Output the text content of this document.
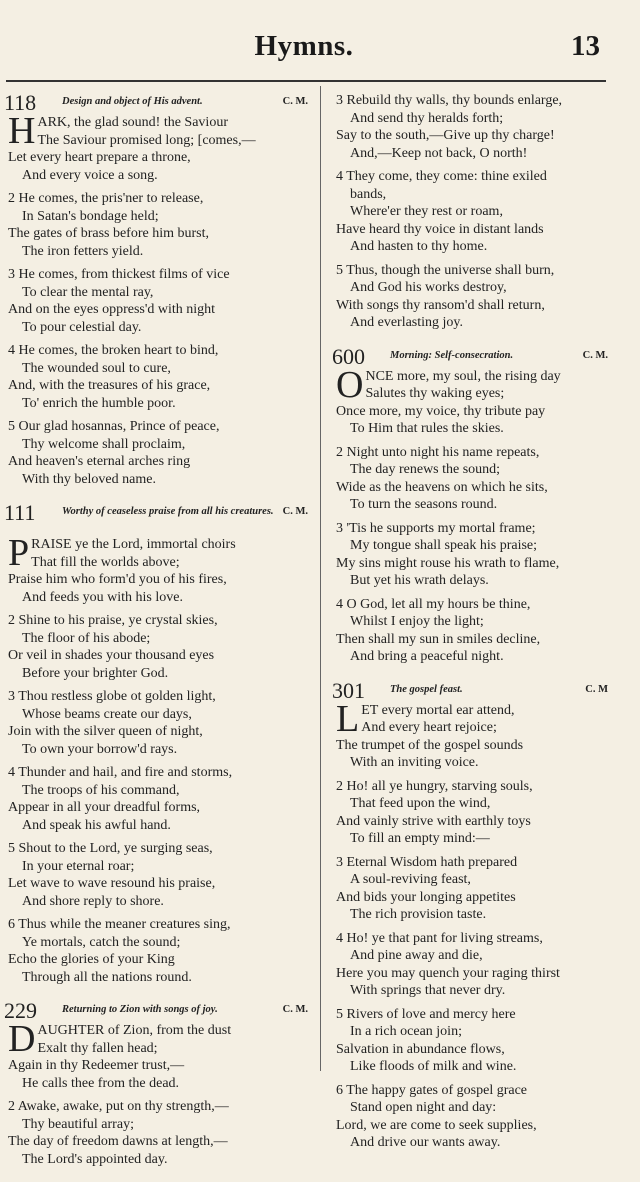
Hymns.	13
118 Design and object of His advent.	C. M.
HARK, the glad sound! the Saviour
The Saviour promised long; [comes,—
Let every heart prepare a throne,
And every voice a song.
2 He comes, the pris'ner to release,
In Satan's bondage held;
The gates of brass before him burst,
The iron fetters yield.
3 He comes, from thickest films of vice
To clear the mental ray,
And on the eyes oppress'd with night
To pour celestial day.
4 He comes, the broken heart to bind,
The wounded soul to cure,
And, with the treasures of his grace,
To' enrich the humble poor.
5 Our glad hosannas, Prince of peace,
Thy welcome shall proclaim,
And heaven's eternal arches ring
With thy beloved name.
111	Worthy of ceaseless praise from all his creatures. C. M.
PRAISE ye the Lord, immortal choirs
That fill the worlds above;
Praise him who form'd you of his fires,
And feeds you with his love.
2 Shine to his praise, ye crystal skies,
The floor of his abode;
Or veil in shades your thousand eyes
Before your brighter God.
3 Thou restless globe ot golden light,
Whose beams create our days,
Join with the silver queen of night,
To own your borrow'd rays.
4 Thunder and hail, and fire and storms,
The troops of his command,
Appear in all your dreadful forms,
And speak his awful hand.
5 Shout to the Lord, ye surging seas,
In your eternal roar;
Let wave to wave resound his praise,
And shore reply to shore.
6 Thus while the meaner creatures sing,
Ye mortals, catch the sound;
Echo the glories of your King
Through all the nations round.
229 Returning to Zion with songs of joy.	C. M.
DAUGHTER of Zion, from the dust
Exalt thy fallen head;
Again in thy Redeemer trust,—
He calls thee from the dead.
2 Awake, awake, put on thy strength,—
Thy beautiful array;
The day of freedom dawns at length,—
The Lord's appointed day.
3 Rebuild thy walls, thy bounds enlarge,
And send thy heralds forth;
Say to the south,—Give up thy charge!
And,—Keep not back, O north!
4 They come, they come: thine exiled
bands,
Where'er they rest or roam,
Have heard thy voice in distant lands
And hasten to thy home.
5 Thus, though the universe shall burn,
And God his works destroy,
With songs thy ransom'd shall return,
And everlasting joy.
600 Morning: Self-consecration.	C. M.
ONCE more, my soul, the rising day
Salutes thy waking eyes;
Once more, my voice, thy tribute pay
To Him that rules the skies.
2 Night unto night his name repeats,
The day renews the sound;
Wide as the heavens on which he sits,
To turn the seasons round.
3 'Tis he supports my mortal frame;
My tongue shall speak his praise;
My sins might rouse his wrath to flame,
But yet his wrath delays.
4 O God, let all my hours be thine,
Whilst I enjoy the light;
Then shall my sun in smiles decline,
And bring a peaceful night.
301 The gospel feast.	C. M
LET every mortal ear attend,
And every heart rejoice;
The trumpet of the gospel sounds
With an inviting voice.
2 Ho! all ye hungry, starving souls,
That feed upon the wind,
And vainly strive with earthly toys
To fill an empty mind:—
3 Eternal Wisdom hath prepared
A soul-reviving feast,
And bids your longing appetites
The rich provision taste.
4 Ho! ye that pant for living streams,
And pine away and die,
Here you may quench your raging thirst
With springs that never dry.
5 Rivers of love and mercy here
In a rich ocean join;
Salvation in abundance flows,
Like floods of milk and wine.
6 The happy gates of gospel grace
Stand open night and day:
Lord, we are come to seek supplies,
And drive our wants away.
